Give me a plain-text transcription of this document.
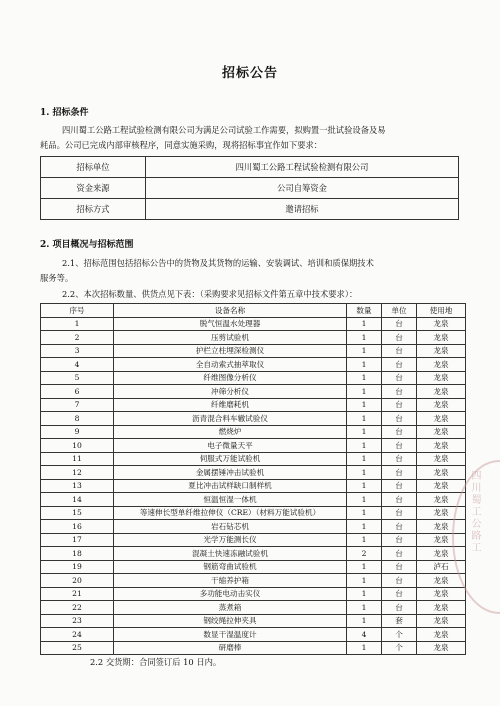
招标公告
1. 招标条件
四川蜀工公路工程试验检测有限公司为满足公司试验工作需要，拟购置一批试验设备及易
耗品。公司已完成内部审核程序，同意实施采购，现将招标事宜作如下要求：
招标单位	四川蜀工公路工程试验检测有限公司
资金来源	公司自筹资金
招标方式	邀请招标
2. 项目概况与招标范围
2.1、招标范围包括招标公告中的货物及其货物的运输、安装调试、培训和质保期技术
服务等。
2.2、本次招标数量、供货点见下表：（采购要求见招标文件第五章中技术要求）：
序号	设备名称	数量	单位	使用地
1	脱气恒温水处理器	1	台	龙泉
2	压剪试验机	1	台	龙泉
3	护栏立柱埋深检测仪	1	台	龙泉
4	全自动索式抽萃取仪	1	台	龙泉
5	纤维图像分析仪	1	台	龙泉
6	冲筛分析仪	1	台	龙泉
7	纤维磨耗机	1	台	龙泉
8	沥青混合料车辙试验仪	1	台	龙泉
9	燃烧炉	1	台	龙泉
10	电子微量天平	1	台	龙泉
11	伺服式万能试验机	1	台	龙泉
12	金属摆锤冲击试验机	1	台	龙泉
13	夏比冲击试样缺口制样机	1	台	龙泉
14	恒温恒湿一体机	1	台	龙泉
15	等速伸长型单纤维拉伸仪（CRE）（材料万能试验机）	1	台	龙泉
16	岩石钻芯机	1	台	龙泉
17	光学万能测长仪	1	台	龙泉
18	混凝土快速冻融试验机	2	台	龙泉
19	钢筋弯曲试验机	1	台	泸石
20	干缩养护箱	1	台	龙泉
21	多功能电动击实仪	1	台	龙泉
22	蒸煮箱	1	台	龙泉
23	钢绞绳拉伸夹具	1	套	龙泉
24	数显干湿温度计	4	个	龙泉
25	研磨棒	1	个	龙泉
2.2 交货期：合同签订后 10 日内。
四川蜀工公路工
